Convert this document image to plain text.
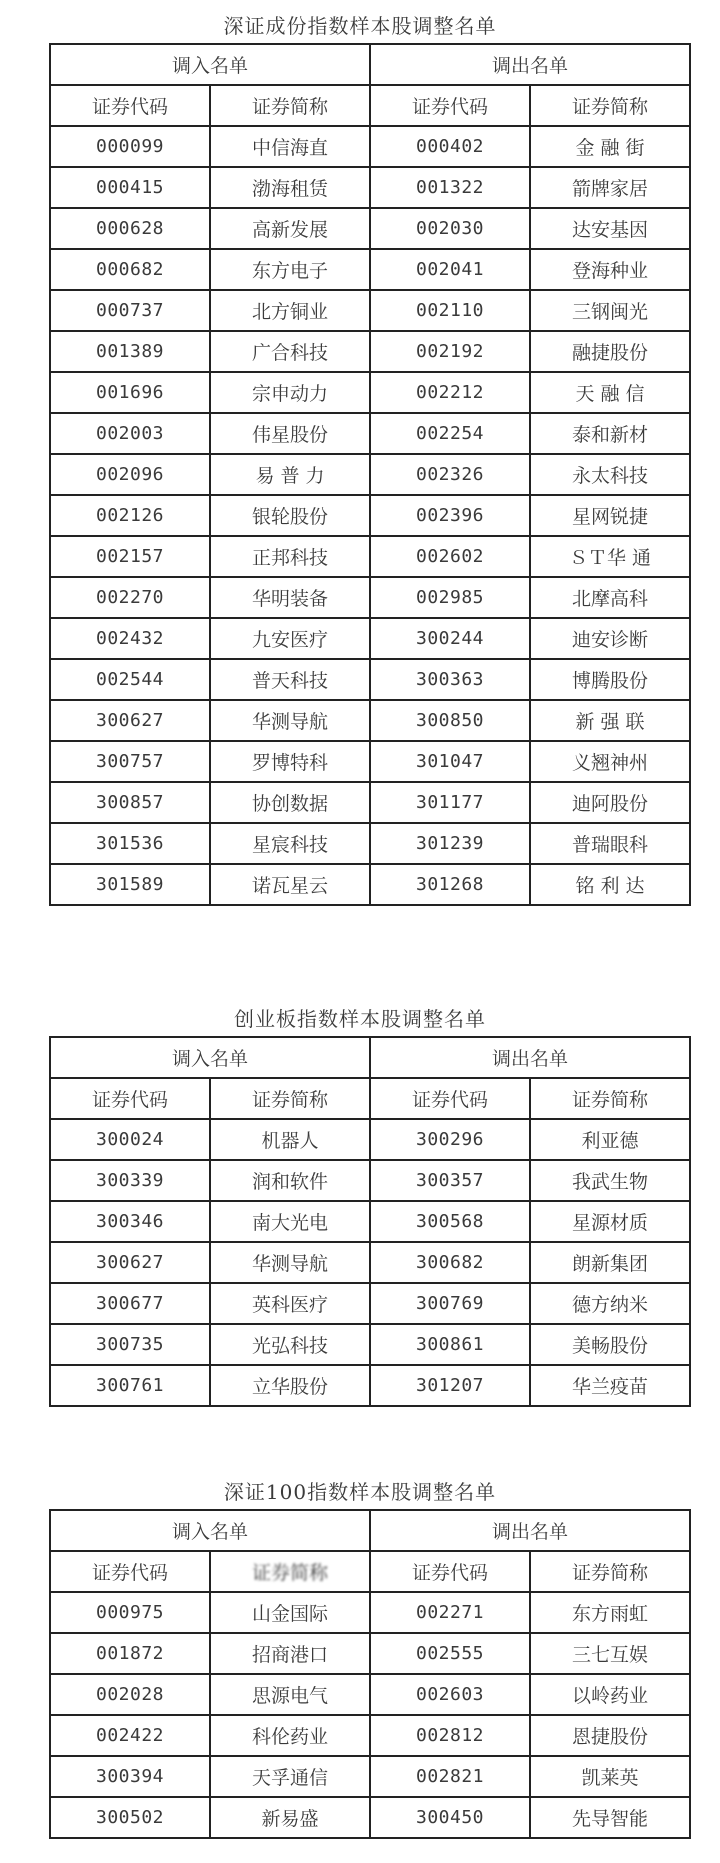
深证成份指数样本股调整名单
调入名单		调出名单	
证券代码	证券简称	证券代码	证券简称
000099	中信海直	000402	金 融 街
000415	渤海租赁	001322	箭牌家居
000628	高新发展	002030	达安基因
000682	东方电子	002041	登海种业
000737	北方铜业	002110	三钢闽光
001389	广合科技	002192	融捷股份
001696	宗申动力	002212	天 融 信
002003	伟星股份	002254	泰和新材
002096	易 普 力	002326	永太科技
002126	银轮股份	002396	星网锐捷
002157	正邦科技	002602	ＳＴ华 通
002270	华明装备	002985	北摩高科
002432	九安医疗	300244	迪安诊断
002544	普天科技	300363	博腾股份
300627	华测导航	300850	新 强 联
300757	罗博特科	301047	义翘神州
300857	协创数据	301177	迪阿股份
301536	星宸科技	301239	普瑞眼科
301589	诺瓦星云	301268	铭 利 达
创业板指数样本股调整名单
调入名单		调出名单	
证券代码	证券简称	证券代码	证券简称
300024	机器人	300296	利亚德
300339	润和软件	300357	我武生物
300346	南大光电	300568	星源材质
300627	华测导航	300682	朗新集团
300677	英科医疗	300769	德方纳米
300735	光弘科技	300861	美畅股份
300761	立华股份	301207	华兰疫苗
深证100指数样本股调整名单
调入名单		调出名单	
证券代码	证券简称	证券代码	证券简称
000975	山金国际	002271	东方雨虹
001872	招商港口	002555	三七互娱
002028	思源电气	002603	以岭药业
002422	科伦药业	002812	恩捷股份
300394	天孚通信	002821	凯莱英
300502	新易盛	300450	先导智能
